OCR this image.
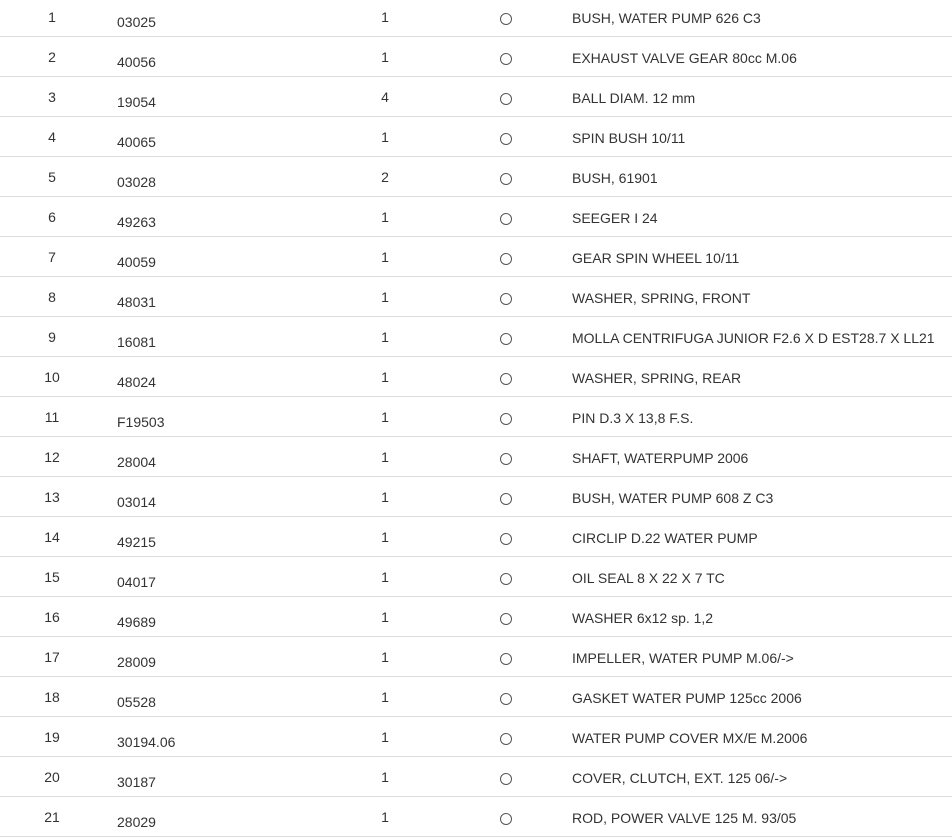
1	03025	1	BUSH, WATER PUMP 626 C3
2	40056	1	EXHAUST VALVE GEAR 80cc M.06
3	19054	4	BALL DIAM. 12 mm
4	40065	1	SPIN BUSH 10/11
5	03028	2	BUSH, 61901
6	49263	1	SEEGER I 24
7	40059	1	GEAR SPIN WHEEL 10/11
8	48031	1	WASHER, SPRING, FRONT
9	16081	1	MOLLA CENTRIFUGA JUNIOR F2.6 X D EST28.7 X LL21
10	48024	1	WASHER, SPRING, REAR
11	F19503	1	PIN D.3 X 13,8 F.S.
12	28004	1	SHAFT, WATERPUMP 2006
13	03014	1	BUSH, WATER PUMP 608 Z C3
14	49215	1	CIRCLIP D.22 WATER PUMP
15	04017	1	OIL SEAL 8 X 22 X 7 TC
16	49689	1	WASHER 6x12 sp. 1,2
17	28009	1	IMPELLER, WATER PUMP M.06/->
18	05528	1	GASKET WATER PUMP 125cc 2006
19	30194.06	1	WATER PUMP COVER MX/E M.2006
20	30187	1	COVER, CLUTCH, EXT. 125 06/->
21	28029	1	ROD, POWER VALVE 125 M. 93/05
